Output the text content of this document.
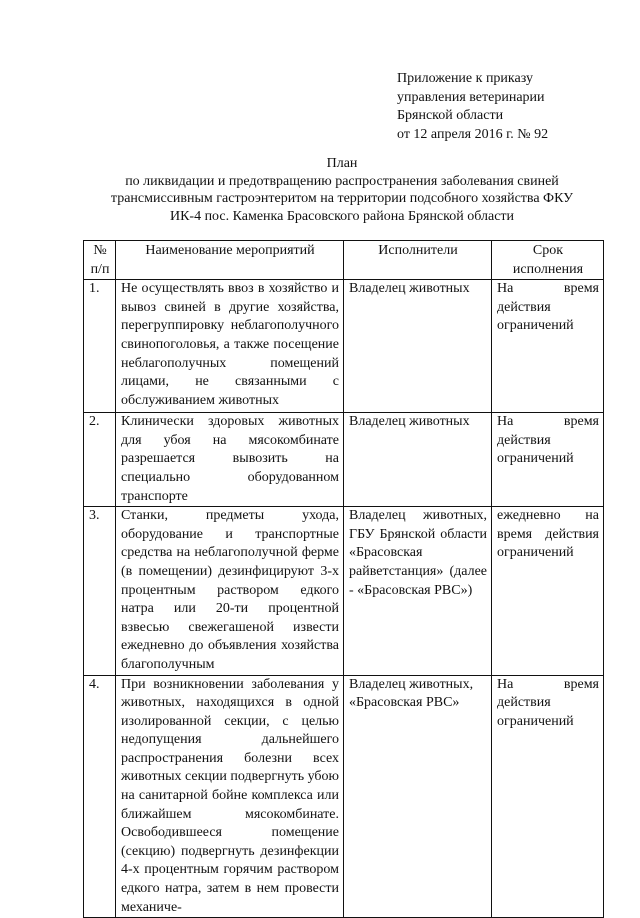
Приложение к приказу
управления ветеринарии
Брянской области
от 12 апреля 2016 г. № 92
План
по ликвидации и предотвращению распространения заболевания свиней
трансмиссивным гастроэнтеритом на территории подсобного хозяйства ФКУ
ИК-4 пос. Каменка Брасовского района Брянской области
№ п/п	Наименование мероприятий	Исполнители	Срок исполнения
1.	Не осуществлять ввоз в хозяйство и вывоз свиней в другие хозяйства, перегруппировку неблагополучного свинопоголовья, а также посещение неблагополучных помещений лицами, не связанными с обслуживанием животных	Владелец животных	На время действия ограничений
2.	Клинически здоровых животных для убоя на мясокомбинате разрешается вывозить на специально оборудованном транспорте	Владелец животных	На время действия ограничений
3.	Станки, предметы ухода, оборудование и транспортные средства на неблагополучной ферме (в помещении) дезинфицируют 3-х процентным раствором едкого натра или 20-ти процентной взвесью свежегашеной извести ежедневно до объявления хозяйства благополучным	Владелец животных, ГБУ Брянской области «Брасовская райветстанция» (далее - «Брасовская РВС»)	ежедневно на время действия ограничений
4.	При возникновении заболевания у животных, находящихся в одной изолированной секции, с целью недопущения дальнейшего распространения болезни всех животных секции подвергнуть убою на санитарной бойне комплекса или ближайшем мясокомбинате. Освободившееся помещение (секцию) подвергнуть дезинфекции 4-х процентным горячим раствором едкого натра, затем в нем провести механиче-	Владелец животных, «Брасовская РВС»	На время действия ограничений
